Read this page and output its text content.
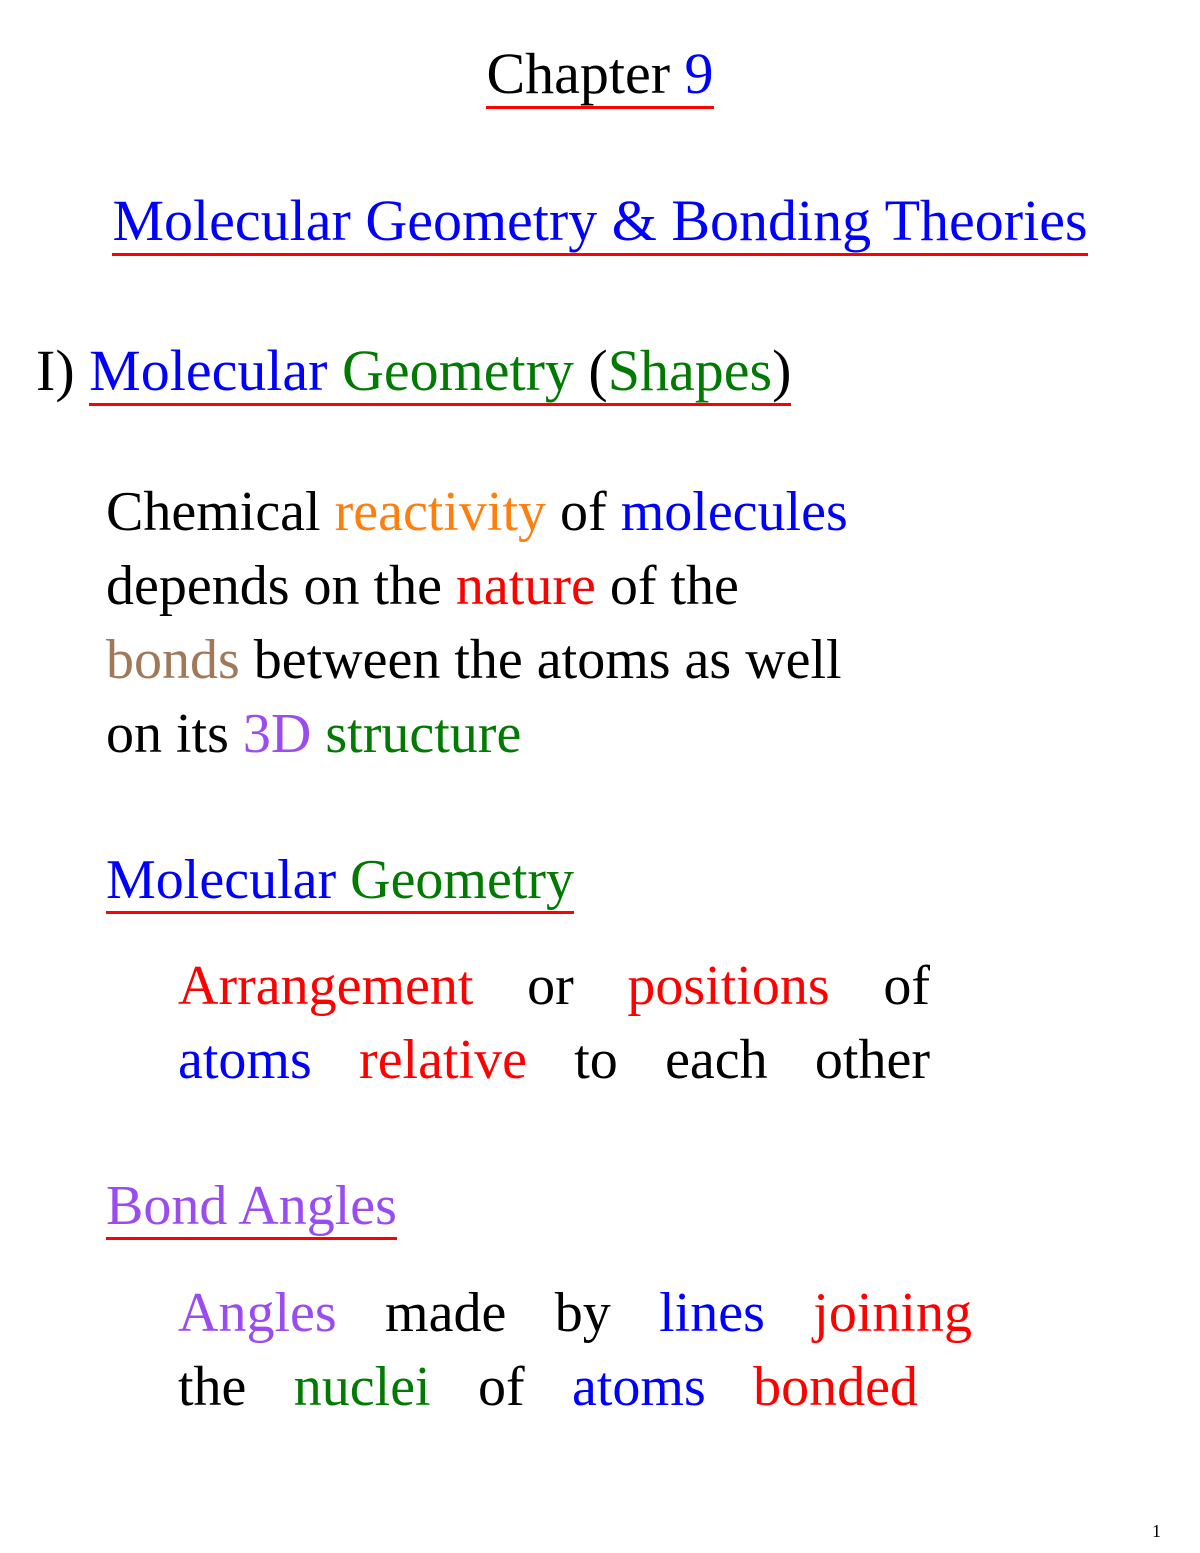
Chapter 9
Molecular Geometry & Bonding Theories
I) Molecular Geometry (Shapes)
Chemical reactivity of molecules
depends on the nature of the
bonds between the atoms as well
on its 3D structure
Molecular Geometry
Arrangement or positions of
atoms relative to each other
Bond Angles
Angles made by lines joining
the nuclei of atoms bonded
1
